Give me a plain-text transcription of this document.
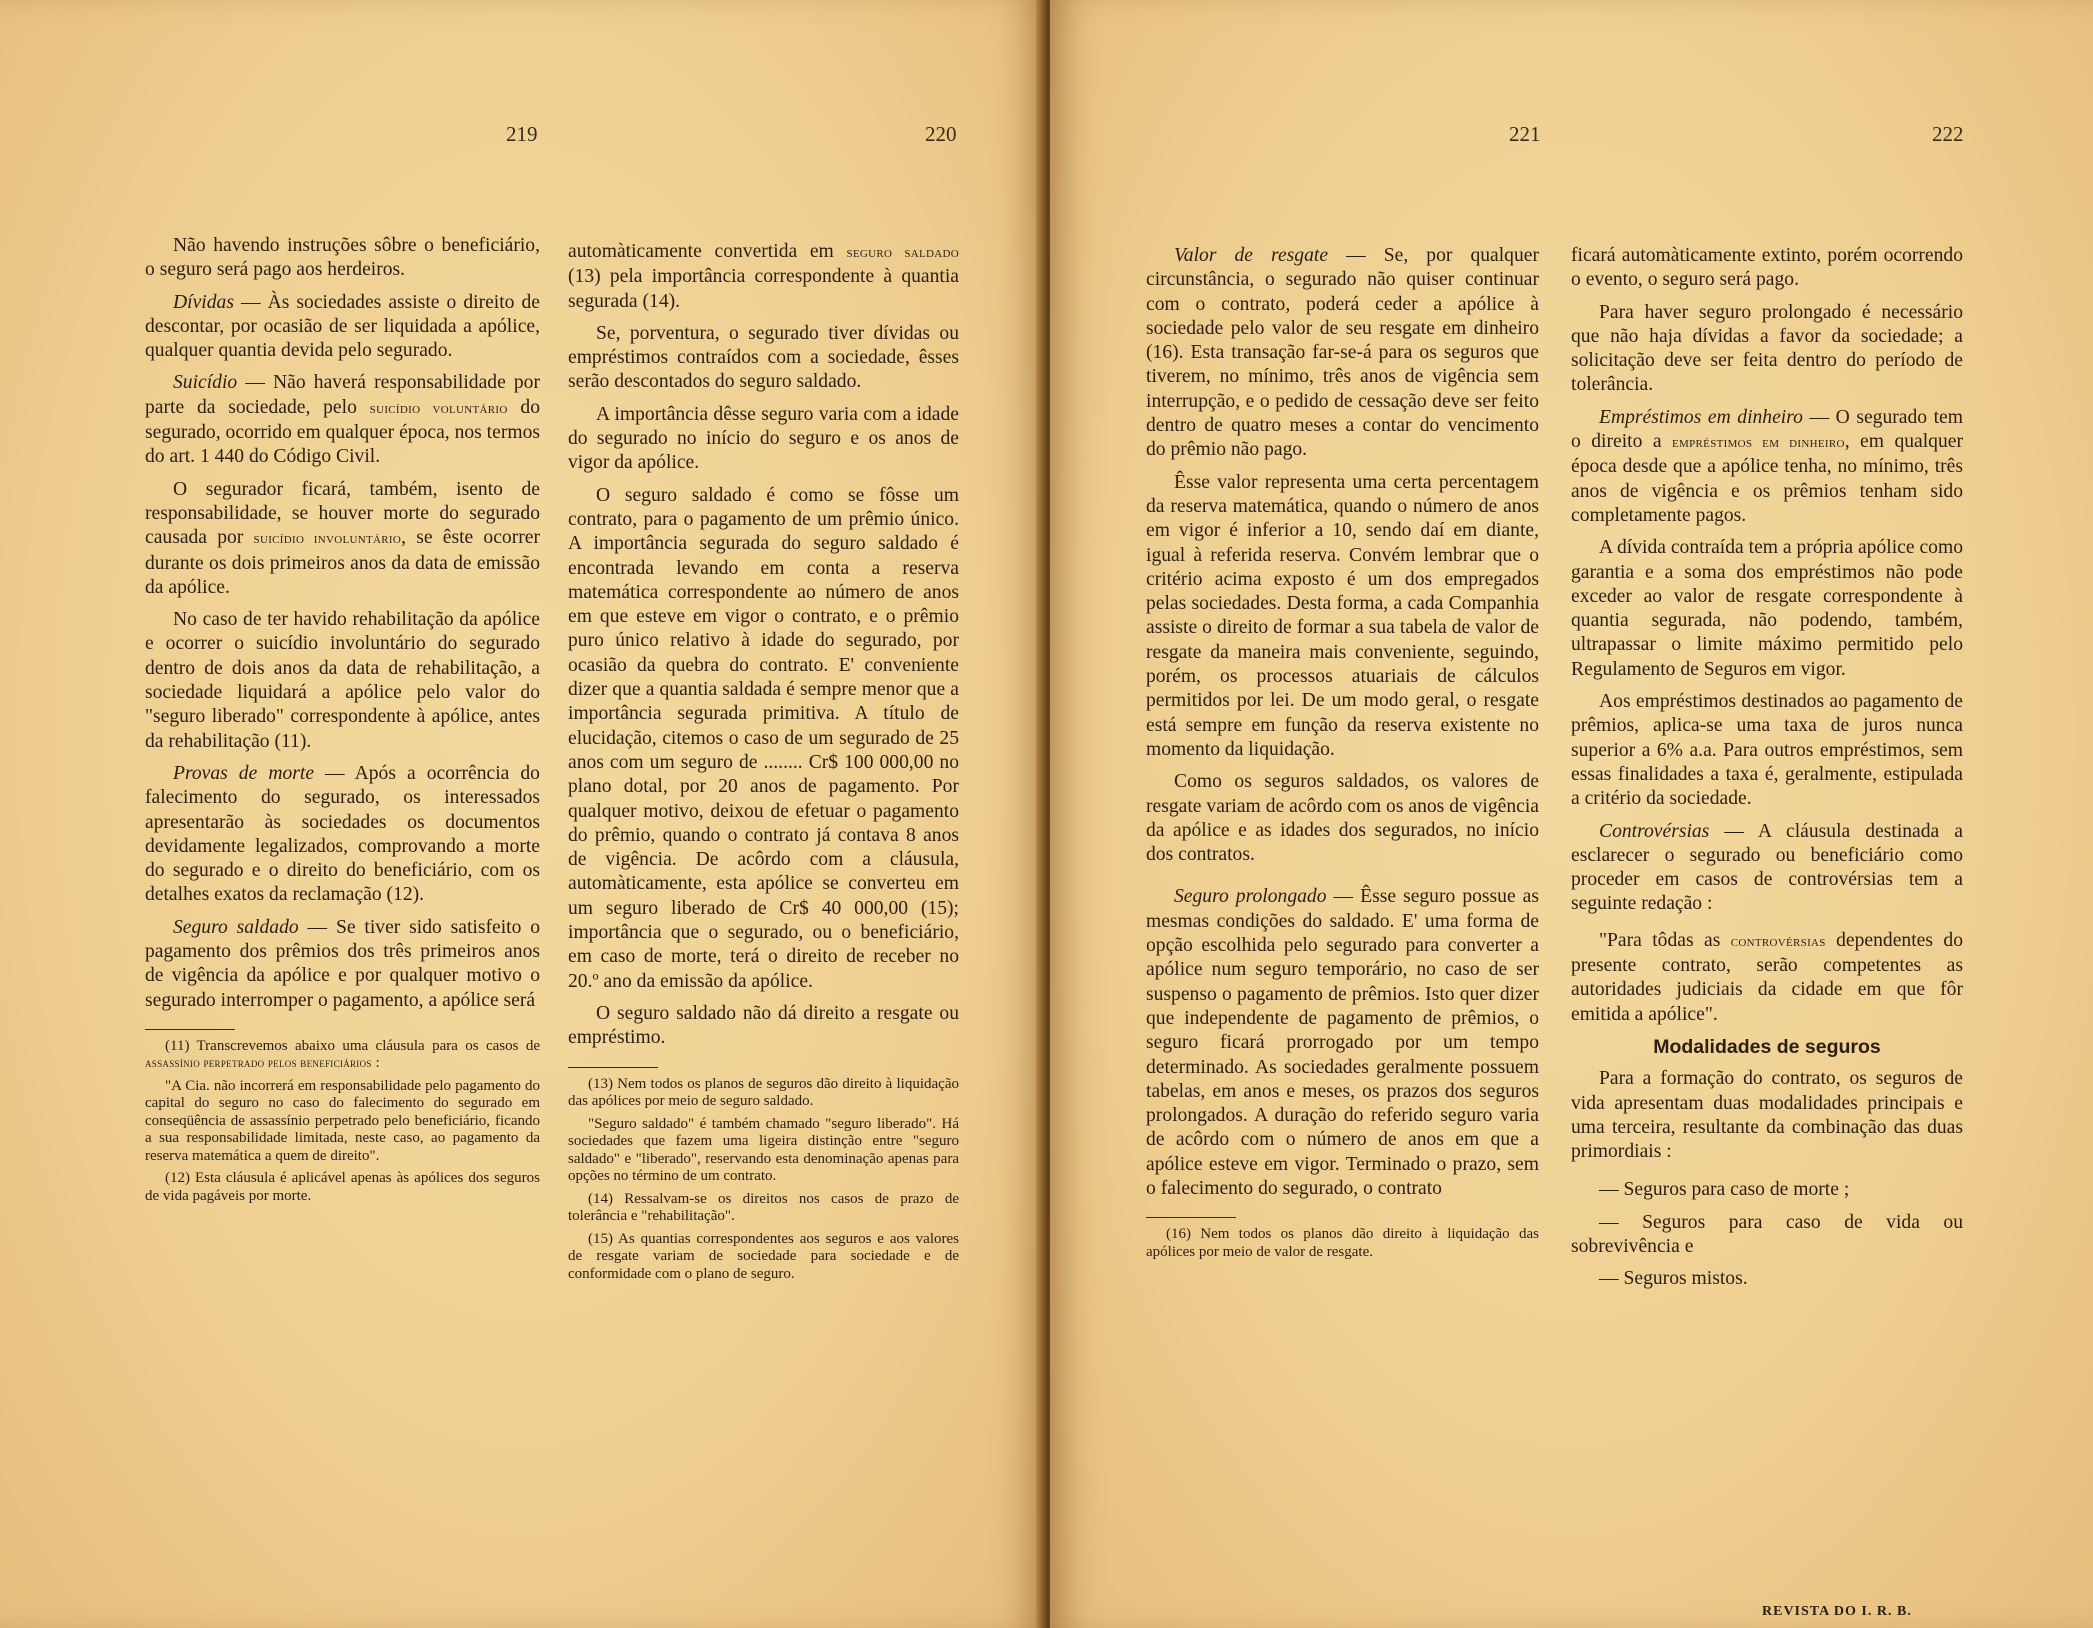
219	220

Não havendo instruções sôbre o beneficiário, o seguro será pago aos herdeiros.

Dívidas — Às sociedades assiste o direito de descontar, por ocasião de ser liquidada a apólice, qualquer quantia devida pelo segurado.

Suicídio — Não haverá responsabilidade por parte da sociedade, pelo suicídio voluntário do segurado, ocorrido em qualquer época, nos termos do art. 1 440 do Código Civil.

O segurador ficará, também, isento de responsabilidade, se houver morte do segurado causada por suicídio involuntário, se êste ocorrer durante os dois primeiros anos da data de emissão da apólice.

No caso de ter havido rehabilitação da apólice e ocorrer o suicídio involuntário do segurado dentro de dois anos da data de rehabilitação, a sociedade liquidará a apólice pelo valor do "seguro liberado" correspondente à apólice, antes da rehabilitação (11).

Provas de morte — Após a ocorrência do falecimento do segurado, os interessados apresentarão às sociedades os documentos devidamente legalizados, comprovando a morte do segurado e o direito do beneficiário, com os detalhes exatos da reclamação (12).

Seguro saldado — Se tiver sido satisfeito o pagamento dos prêmios dos três primeiros anos de vigência da apólice e por qualquer motivo o segurado interromper o pagamento, a apólice será

(11) Transcrevemos abaixo uma cláusula para os casos de assassínio perpetrado pelos beneficiários :

"A Cia. não incorrerá em responsabilidade pelo pagamento do capital do seguro no caso do falecimento do segurado em conseqüência de assassínio perpetrado pelo beneficiário, ficando a sua responsabilidade limitada, neste caso, ao pagamento da reserva matemática a quem de direito".

(12) Esta cláusula é aplicável apenas às apólices dos seguros de vida pagáveis por morte.

automàticamente convertida em seguro saldado (13) pela importância correspondente à quantia segurada (14).

Se, porventura, o segurado tiver dívidas ou empréstimos contraídos com a sociedade, êsses serão descontados do seguro saldado.

A importância dêsse seguro varia com a idade do segurado no início do seguro e os anos de vigor da apólice.

O seguro saldado é como se fôsse um contrato, para o pagamento de um prêmio único. A importância segurada do seguro saldado é encontrada levando em conta a reserva matemática correspondente ao número de anos em que esteve em vigor o contrato, e o prêmio puro único relativo à idade do segurado, por ocasião da quebra do contrato. E' conveniente dizer que a quantia saldada é sempre menor que a importância segurada primitiva. A título de elucidação, citemos o caso de um segurado de 25 anos com um seguro de ........ Cr$ 100 000,00 no plano dotal, por 20 anos de pagamento. Por qualquer motivo, deixou de efetuar o pagamento do prêmio, quando o contrato já contava 8 anos de vigência. De acôrdo com a cláusula, automàticamente, esta apólice se converteu em um seguro liberado de Cr$ 40 000,00 (15); importância que o segurado, ou o beneficiário, em caso de morte, terá o direito de receber no 20.º ano da emissão da apólice.

O seguro saldado não dá direito a resgate ou empréstimo.

(13) Nem todos os planos de seguros dão direito à liquidação das apólices por meio de seguro saldado.

"Seguro saldado" é também chamado "seguro liberado". Há sociedades que fazem uma ligeira distinção entre "seguro saldado" e "liberado", reservando esta denominação apenas para opções no término de um contrato.

(14) Ressalvam-se os direitos nos casos de prazo de tolerância e "rehabilitação".

(15) As quantias correspondentes aos seguros e aos valores de resgate variam de sociedade para sociedade e de conformidade com o plano de seguro.

221	222

Valor de resgate — Se, por qualquer circunstância, o segurado não quiser continuar com o contrato, poderá ceder a apólice à sociedade pelo valor de seu resgate em dinheiro (16). Esta transação far-se-á para os seguros que tiverem, no mínimo, três anos de vigência sem interrupção, e o pedido de cessação deve ser feito dentro de quatro meses a contar do vencimento do prêmio não pago.

Êsse valor representa uma certa percentagem da reserva matemática, quando o número de anos em vigor é inferior a 10, sendo daí em diante, igual à referida reserva. Convém lembrar que o critério acima exposto é um dos empregados pelas sociedades. Desta forma, a cada Companhia assiste o direito de formar a sua tabela de valor de resgate da maneira mais conveniente, seguindo, porém, os processos atuariais de cálculos permitidos por lei. De um modo geral, o resgate está sempre em função da reserva existente no momento da liquidação.

Como os seguros saldados, os valores de resgate variam de acôrdo com os anos de vigência da apólice e as idades dos segurados, no início dos contratos.

Seguro prolongado — Êsse seguro possue as mesmas condições do saldado. E' uma forma de opção escolhida pelo segurado para converter a apólice num seguro temporário, no caso de ser suspenso o pagamento de prêmios. Isto quer dizer que independente de pagamento de prêmios, o seguro ficará prorrogado por um tempo determinado. As sociedades geralmente possuem tabelas, em anos e meses, os prazos dos seguros prolongados. A duração do referido seguro varia de acôrdo com o número de anos em que a apólice esteve em vigor. Terminado o prazo, sem o falecimento do segurado, o contrato

(16) Nem todos os planos dão direito à liquidação das apólices por meio de valor de resgate.

ficará automàticamente extinto, porém ocorrendo o evento, o seguro será pago.

Para haver seguro prolongado é necessário que não haja dívidas a favor da sociedade; a solicitação deve ser feita dentro do período de tolerância.

Empréstimos em dinheiro — O segurado tem o direito a empréstimos em dinheiro, em qualquer época desde que a apólice tenha, no mínimo, três anos de vigência e os prêmios tenham sido completamente pagos.

A dívida contraída tem a própria apólice como garantia e a soma dos empréstimos não pode exceder ao valor de resgate correspondente à quantia segurada, não podendo, também, ultrapassar o limite máximo permitido pelo Regulamento de Seguros em vigor.

Aos empréstimos destinados ao pagamento de prêmios, aplica-se uma taxa de juros nunca superior a 6% a.a. Para outros empréstimos, sem essas finalidades a taxa é, geralmente, estipulada a critério da sociedade.

Controvérsias — A cláusula destinada a esclarecer o segurado ou beneficiário como proceder em casos de controvérsias tem a seguinte redação :

"Para tôdas as controvérsias dependentes do presente contrato, serão competentes as autoridades judiciais da cidade em que fôr emitida a apólice".

Modalidades de seguros

Para a formação do contrato, os seguros de vida apresentam duas modalidades principais e uma terceira, resultante da combinação das duas primordiais :

— Seguros para caso de morte ;

— Seguros para caso de vida ou sobrevivência e

— Seguros mistos.

REVISTA DO I. R. B.
